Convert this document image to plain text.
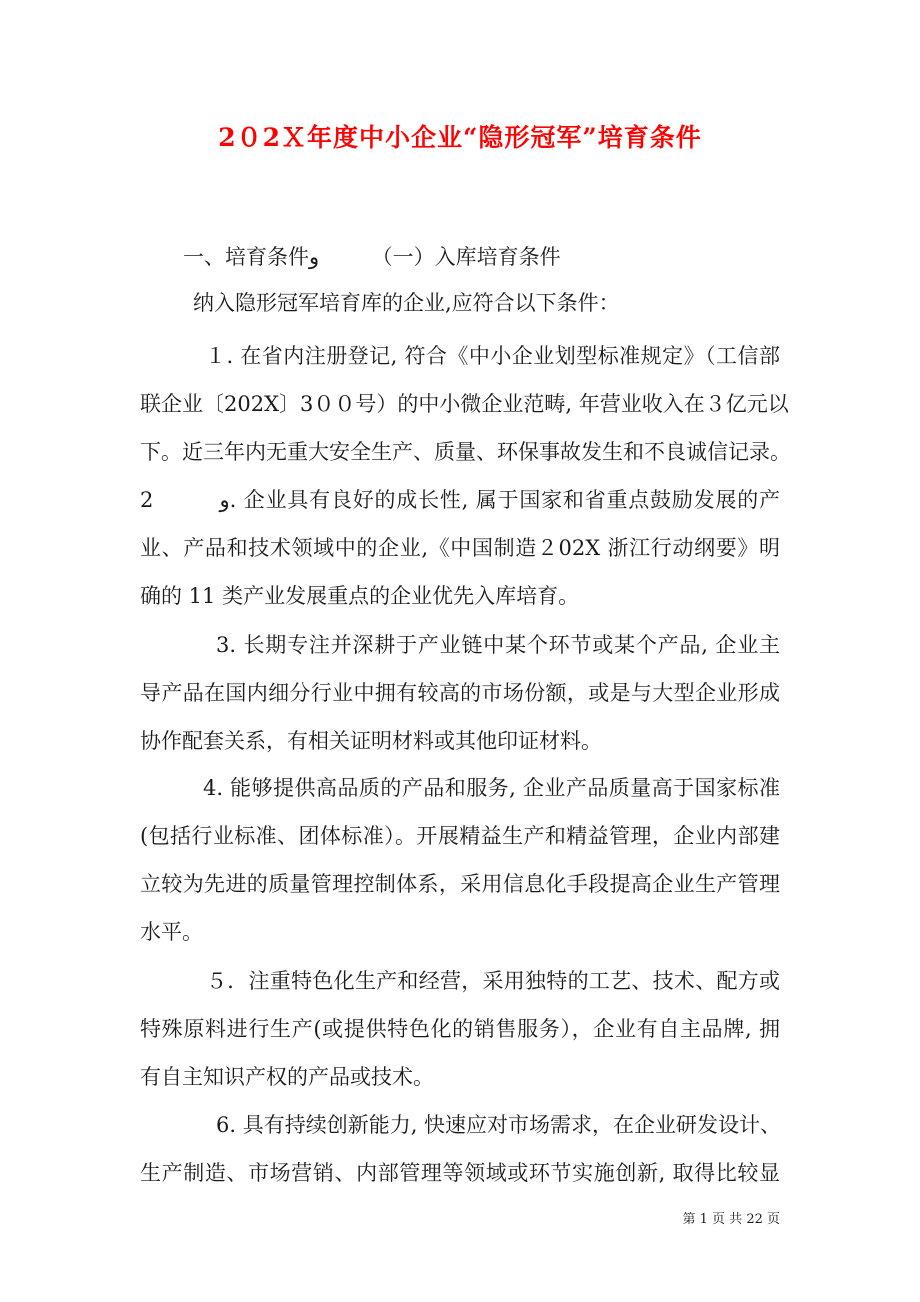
2０2Ｘ年度中小企业“隐形冠军”培育条件
一、培育条件‌و　　　（一）入库培育条件
纳入隐形冠军培育库的企业,应符合以下条件：
１. 在省内注册登记, 符合《中小企业划型标准规定》（工信部
联企业〔202X〕3００号）的中小微企业范畴, 年营业收入在３亿元以
下。近三年内无重大安全生产、质量、环保事故发生和不良诚信记录。
2　　　و. 企业具有良好的成长性, 属于国家和省重点鼓励发展的产
业、产品和技术领域中的企业,《中国制造２02X 浙江行动纲要》明
确的 11 类产业发展重点的企业优先入库培育。
3. 长期专注并深耕于产业链中某个环节或某个产品, 企业主
导产品在国内细分行业中拥有较高的市场份额，或是与大型企业形成
协作配套关系，有相关证明材料或其他印证材料。
4. 能够提供高品质的产品和服务, 企业产品质量高于国家标准
(包括行业标准、团体标准）。开展精益生产和精益管理，企业内部建
立较为先进的质量管理控制体系，采用信息化手段提高企业生产管理
水平。
５．注重特色化生产和经营，采用独特的工艺、技术、配方或
特殊原料进行生产(或提供特色化的销售服务），企业有自主品牌, 拥
有自主知识产权的产品或技术。
6. 具有持续创新能力, 快速应对市场需求，在企业研发设计、
生产制造、市场营销、内部管理等领域或环节实施创新, 取得比较显
第 1 页 共 22 页
